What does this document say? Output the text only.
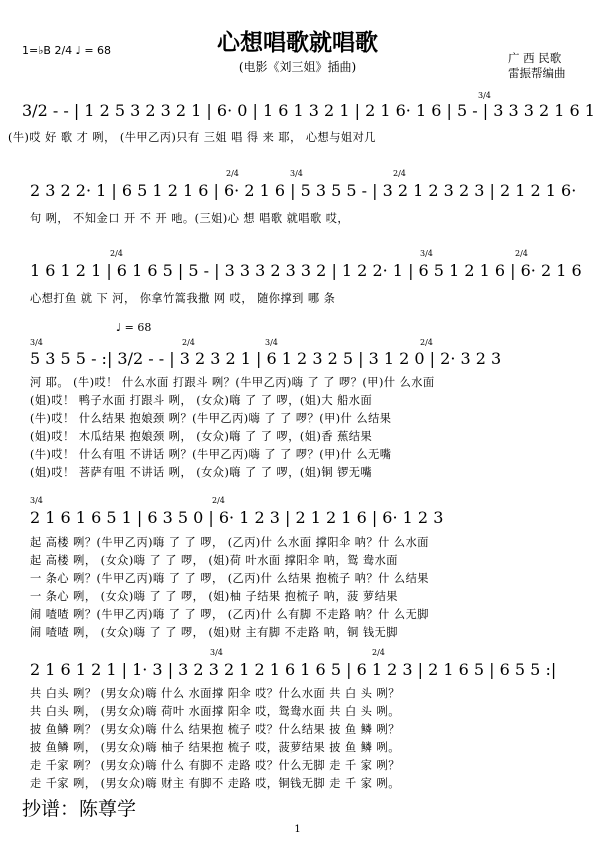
心想唱歌就唱歌
(电影《刘三姐》插曲)
1=♭B 2/4 ♩ = 68
广 西 民歌
雷振帮编曲
3/2 - - | 1 2 5 3 2 3 2 1 | 6· 0 | 1 6 1 3 2 1 | 2 1 6· 1 6 | 5 - | 3 3 3 2 1 6 1
3/4
(牛)哎 好 歌 才 咧， (牛甲乙丙)只有 三姐 唱 得 来 耶， 心想与姐对几
2 3 2 2· 1 | 6 5 1 2 1 6 | 6· 2 1 6 | 5 3 5 5 - | 3 2 1 2 3 2 3 | 2 1 2 1 6·
2/4	3/4	2/4
句 咧， 不知金口 开 不 开 吔。(三姐)心 想 唱歌 就唱歌 哎，
1 6 1 2 1 | 6 1 6 5 | 5 - | 3 3 3 2 3 3 2 | 1 2 2· 1 | 6 5 1 2 1 6 | 6· 2 1 6
2/4	3/4	2/4
心想打鱼 就 下 河， 你拿竹篙我撒 网 哎， 随你撑到 哪 条
♩ = 68
5 3 5 5 - :| 3/2 - - | 3 2 3 2 1 | 6 1 2 3 2 5 | 3 1 2 0 | 2· 3 2 3
3/4	2/4	3/4	2/4
河 耶。 (牛)哎！ 什么水面 打跟斗 咧？(牛甲乙丙)嗨 了 了 啰？(甲)什 么水面
(姐)哎！ 鸭子水面 打跟斗 咧， (女众)嗨 了 了 啰，(姐)大 船水面
(牛)哎！ 什么结果 抱娘颈 咧？(牛甲乙丙)嗨 了 了 啰？(甲)什 么结果
(姐)哎！ 木瓜结果 抱娘颈 咧， (女众)嗨 了 了 啰，(姐)香 蕉结果
(牛)哎！ 什么有咀 不讲话 咧？(牛甲乙丙)嗨 了 了 啰？(甲)什 么无嘴
(姐)哎！ 菩萨有咀 不讲话 咧， (女众)嗨 了 了 啰，(姐)铜 锣无嘴
2 1 6 1 6 5 1 | 6 3 5 0 | 6· 1 2 3 | 2 1 2 1 6 | 6· 1 2 3
3/4	2/4
起 高楼 咧？(牛甲乙丙)嗨 了 了 啰， (乙丙)什 么水面 撑阳伞 呐？什 么水面
起 高楼 咧， (女众)嗨 了 了 啰， (姐)荷 叶水面 撑阳伞 呐，鸳 鸯水面
一 条心 咧？(牛甲乙丙)嗨 了 了 啰， (乙丙)什 么结果 抱梳子 呐？什 么结果
一 条心 咧， (女众)嗨 了 了 啰， (姐)柚 子结果 抱梳子 呐，菠 萝结果
闹 喳喳 咧？(牛甲乙丙)嗨 了 了 啰， (乙丙)什 么有脚 不走路 呐？什 么无脚
闹 喳喳 咧， (女众)嗨 了 了 啰， (姐)财 主有脚 不走路 呐，铜 钱无脚
2 1 6 1 2 1 | 1· 3 | 3 2 3 2 1 2 1 6 1 6 5 | 6 1 2 3 | 2 1 6 5 | 6 5 5 :|
3/4	2/4
共 白头 咧？ (男女众)嗨 什么 水面撑 阳伞 哎？什么水面 共 白 头 咧？
共 白头 咧， (男女众)嗨 荷叶 水面撑 阳伞 哎，鸳鸯水面 共 白 头 咧。
披 鱼鳞 咧？ (男女众)嗨 什么 结果抱 梳子 哎？什么结果 披 鱼 鳞 咧？
披 鱼鳞 咧， (男女众)嗨 柚子 结果抱 梳子 哎，菠萝结果 披 鱼 鳞 咧。
走 千家 咧？ (男女众)嗨 什么 有脚不 走路 哎？什么无脚 走 千 家 咧？
走 千家 咧， (男女众)嗨 财主 有脚不 走路 哎，铜钱无脚 走 千 家 咧。
抄谱：陈尊学
1
